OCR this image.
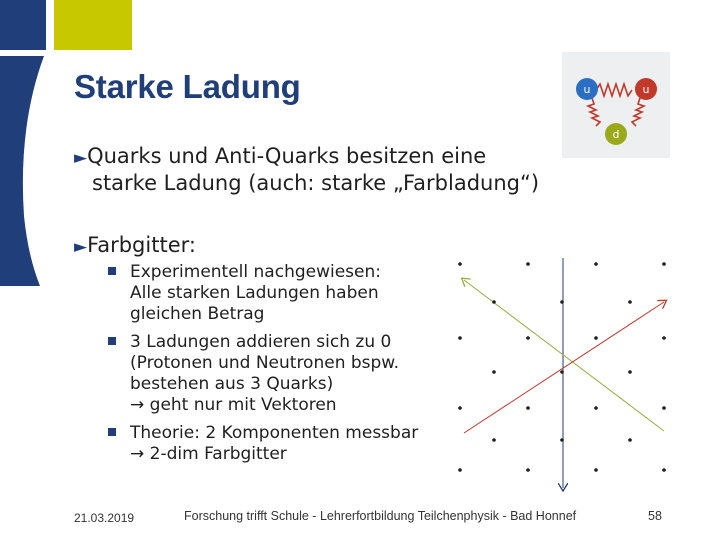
Starke Ladung	u	u
d
►Quarks und Anti-Quarks besitzen eine
starke Ladung (auch: starke „Farbladung“)
►Farbgitter:
Experimentell nachgewiesen:
Alle starken Ladungen haben
gleichen Betrag
3 Ladungen addieren sich zu 0
(Protonen und Neutronen bspw.
bestehen aus 3 Quarks)
→ geht nur mit Vektoren
Theorie: 2 Komponenten messbar
→ 2-dim Farbgitter
21.03.2019	Forschung trifft Schule - Lehrerfortbildung Teilchenphysik - Bad Honnef	58
